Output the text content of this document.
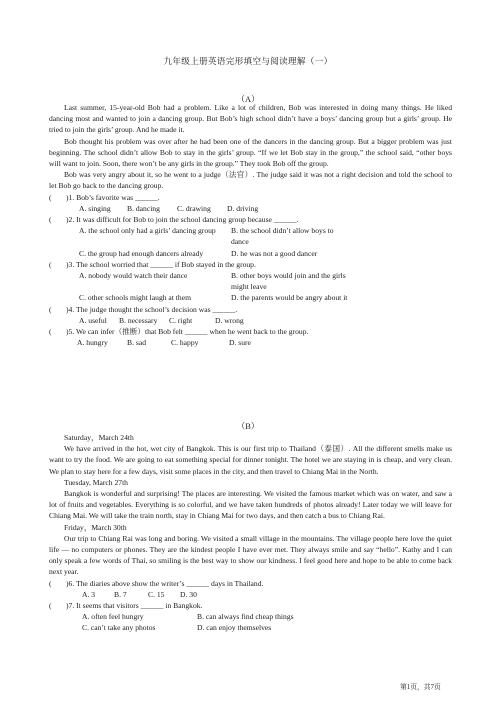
九年级上册英语完形填空与阅读理解（一）
（A）

Last summer, 15-year-old Bob had a problem. Like a lot of children, Bob was interested in doing many things. He liked dancing most and wanted to join a dancing group. But Bob’s high school didn’t have a boys’ dancing group but a girls’ group. He tried to join the girls’ group. And he made it.

Bob thought his problem was over after he had been one of the dancers in the dancing group. But a bigger problem was just beginning. The school didn’t allow Bob to stay in the girls’ group. “If we let Bob stay in the group,” the school said, “other boys will want to join. Soon, there won’t be any girls in the group.” They took Bob off the group.

Bob was very angry about it, so he went to a judge（法官）. The judge said it was not a right decision and told the school to let Bob go back to the dancing group.

(	)1. Bob’s favorite was ______.
A. singing	B. dancing	C. drawing	D. driving
(	)2. It was difficult for Bob to join the school dancing group because ______.
A. the school only had a girls’ dancing group	B. the school didn’t allow boys to dance
C. the group had enough dancers already	D. he was not a good dancer
(	)3. The school worried that ______ if Bob stayed in the group.
A. nobody would watch their dance	B. other boys would join and the girls might leave
C. other schools might laugh at them	D. the parents would be angry about it
(	)4. The judge thought the school’s decision was ______.
A. useful	B. necessary	C. right	D. wrong
(	)5. We can infer（推断）that Bob felt ______ when he went back to the group.
A. hungry	B. sad	C. happy	D. sure
（B）

Saturday，March 24th

We have arrived in the hot, wet city of Bangkok. This is our first trip to Thailand（泰国）. All the different smells make us want to try the food. We are going to eat something special for dinner tonight. The hotel we are staying in is cheap, and very clean. We plan to stay here for a few days, visit some places in the city, and then travel to Chiang Mai in the North.

Tuesday, March 27th

Bangkok is wonderful and surprising! The places are interesting. We visited the famous market which was on water, and saw a lot of fruits and vegetables. Everything is so colorful, and we have taken hundreds of photos already! Later today we will leave for Chiang Mai. We will take the train north, stay in Chiang Mai for two days, and then catch a bus to Chiang Rai.

Friday，March 30th

Our trip to Chiang Rai was long and boring. We visited a small village in the mountains. The village people here love the quiet life — no computers or phones. They are the kindest people I have ever met. They always smile and say “hello”. Kathy and I can only speak a few words of Thai, so smiling is the best way to show our kindness. I feel good here and hope to be able to come back next year.

(	)6. The diaries above show the writer’s ______ days in Thailand.
A. 3	B. 7	C. 15	D. 30
(	)7. It seems that visitors ______ in Bangkok.
A. often feel hungry	B. can always find cheap things
C. can’t take any photos	D. can enjoy themselves
第1页，共7页
